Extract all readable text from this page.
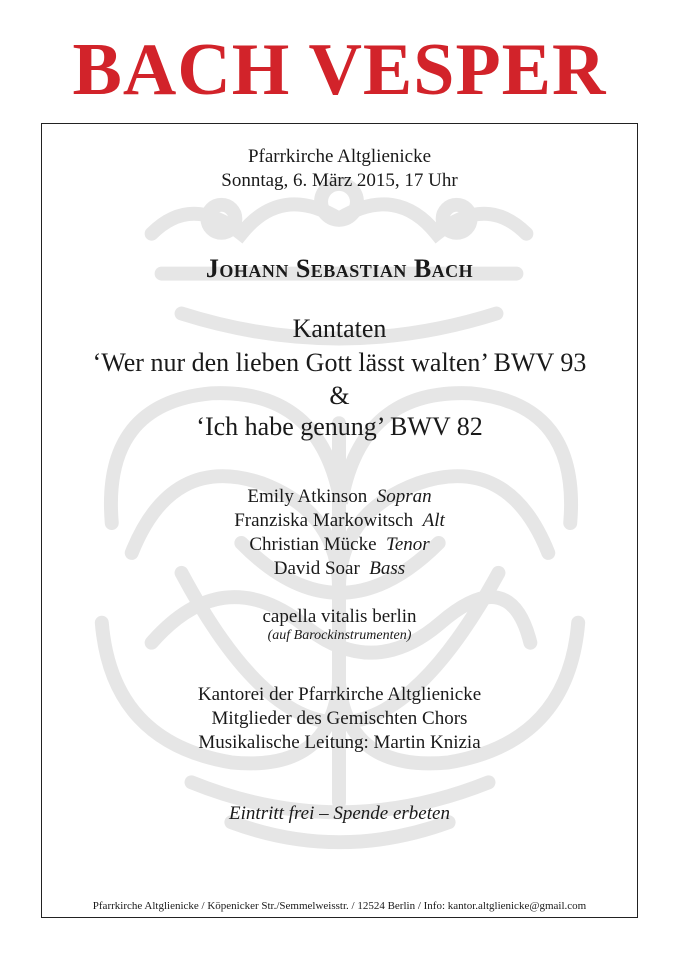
BACH VESPER
Pfarrkirche Altglienicke
Sonntag, 6. März 2015, 17 Uhr
Johann Sebastian Bach
Kantaten
‘Wer nur den lieben Gott lässt walten’ BWV 93
&
‘Ich habe genung’ BWV 82
Emily Atkinson Sopran
Franziska Markowitsch Alt
Christian Mücke Tenor
David Soar Bass
capella vitalis berlin
(auf Barockinstrumenten)
Kantorei der Pfarrkirche Altglienicke
Mitglieder des Gemischten Chors
Musikalische Leitung: Martin Knizia
Eintritt frei – Spende erbeten
Pfarrkirche Altglienicke / Köpenicker Str./Semmelweisstr. / 12524 Berlin / Info: kantor.altglienicke@gmail.com
